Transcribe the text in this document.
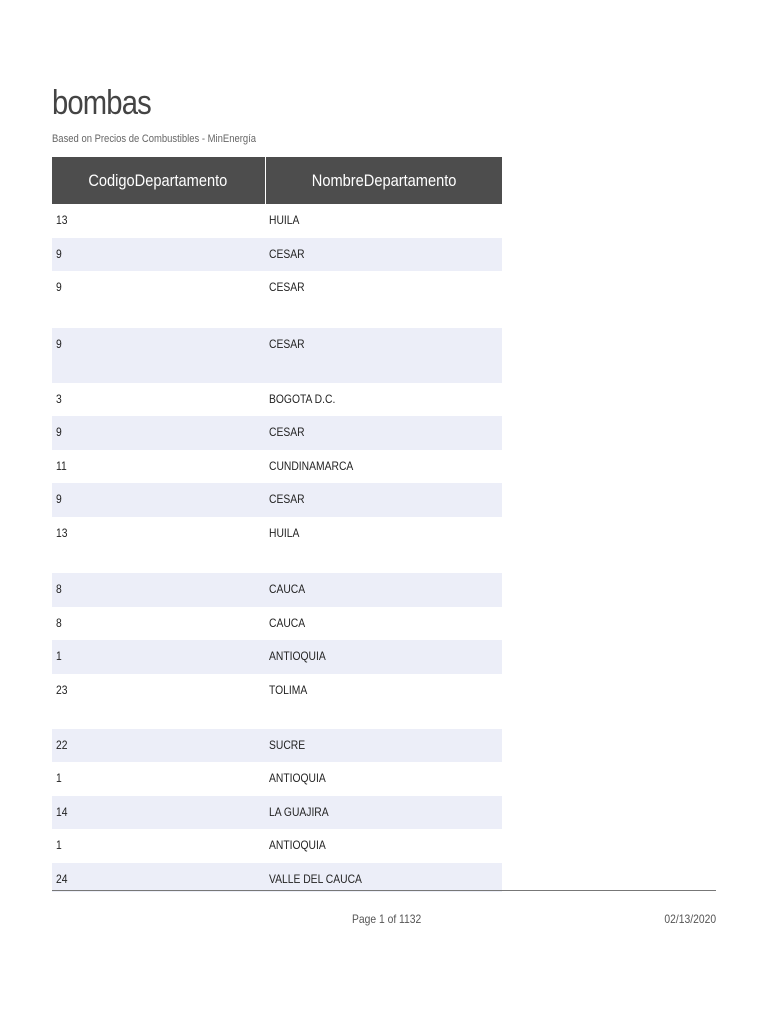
bombas
Based on Precios de Combustibles - MinEnergía
CodigoDepartamento	NombreDepartamento
13	HUILA
9	CESAR
9	CESAR
9	CESAR
3	BOGOTA D.C.
9	CESAR
11	CUNDINAMARCA
9	CESAR
13	HUILA
8	CAUCA
8	CAUCA
1	ANTIOQUIA
23	TOLIMA
22	SUCRE
1	ANTIOQUIA
14	LA GUAJIRA
1	ANTIOQUIA
24	VALLE DEL CAUCA
Page 1 of 1132	02/13/2020
